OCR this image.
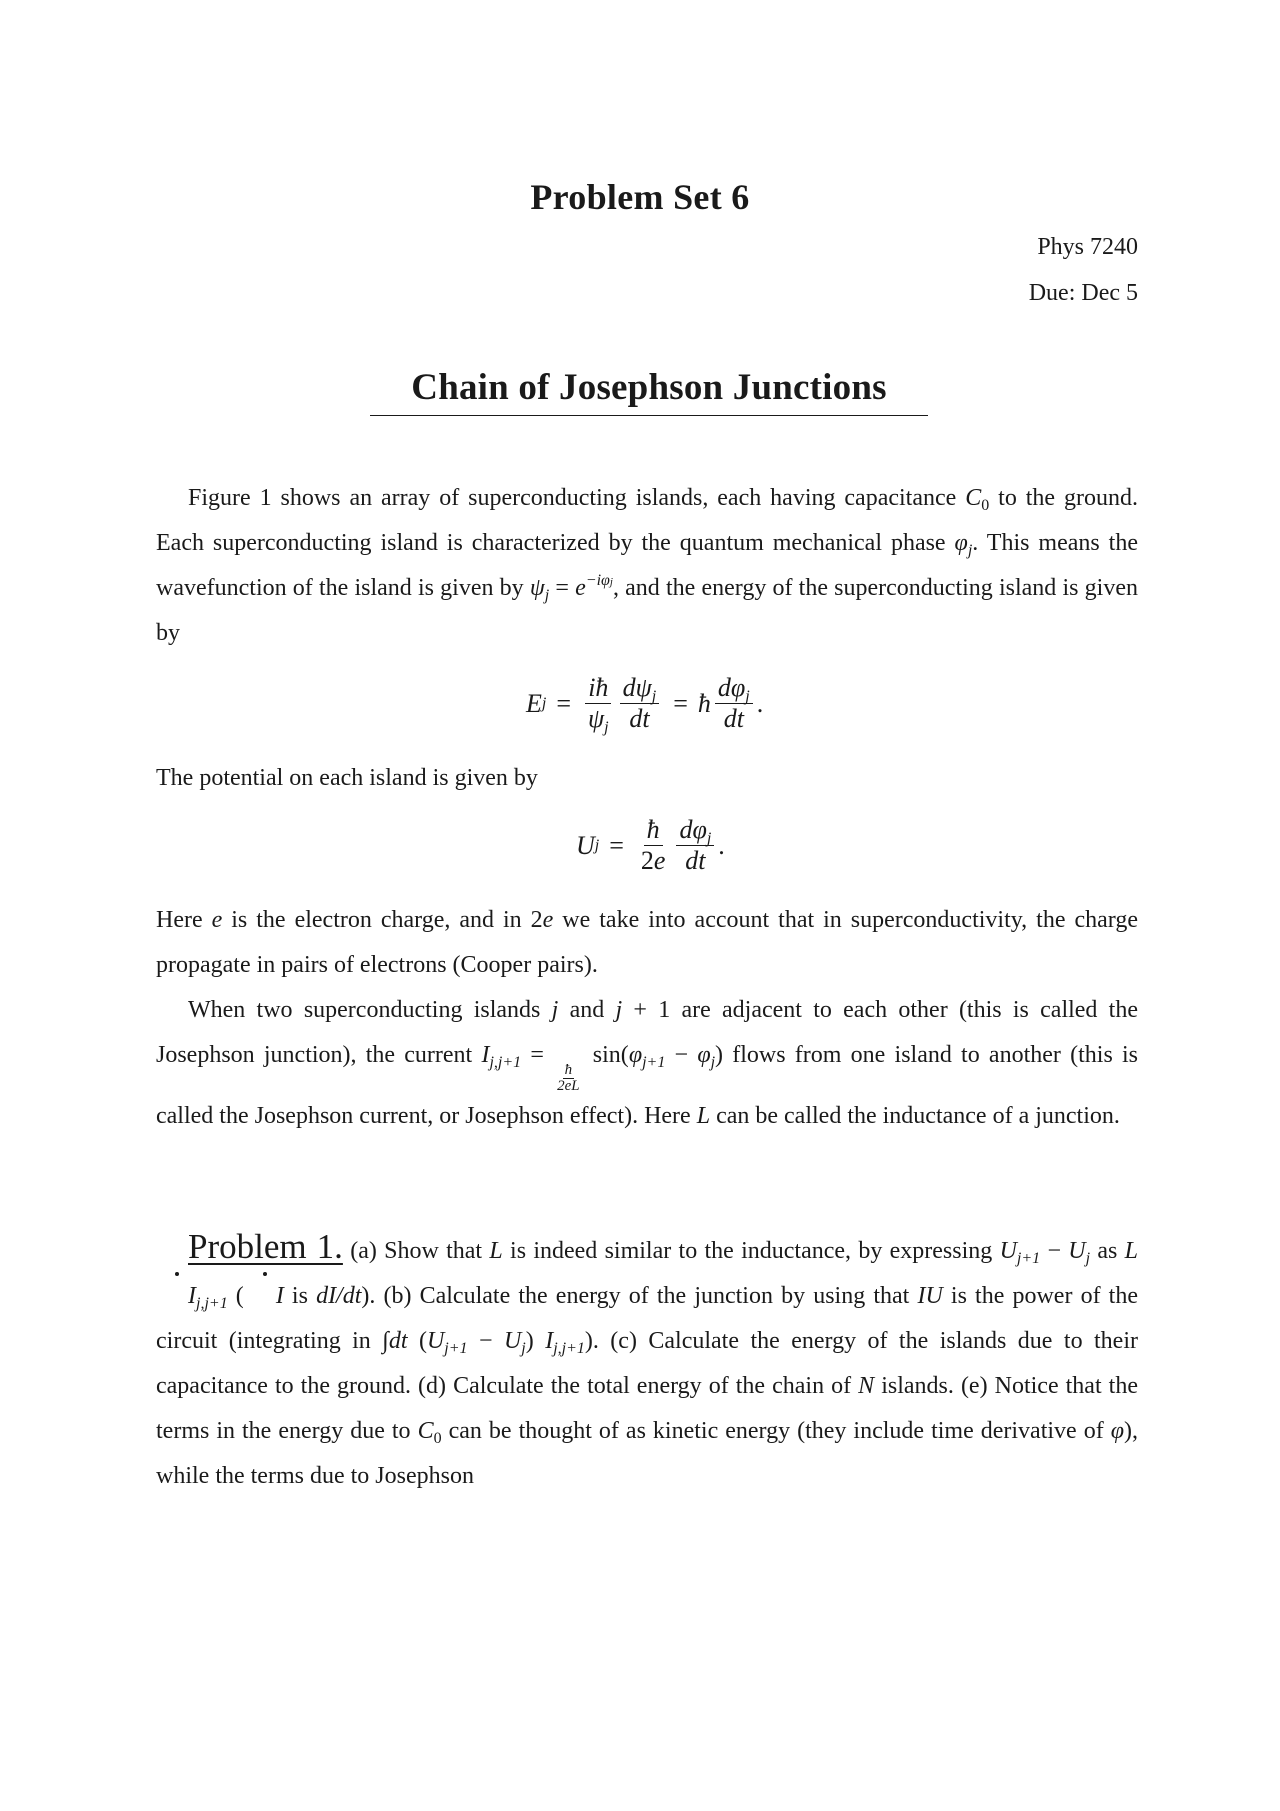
Problem Set 6
Phys 7240
Due: Dec 5
Chain of Josephson Junctions

Figure 1 shows an array of superconducting islands, each having capacitance $C_0$ to the ground. Each superconducting island is characterized by the quantum mechanical phase $\varphi_j$. This means the wavefunction of the island is given by $\psi_j = e^{-i\varphi j}$, and the energy of the superconducting island is given by

E $j = \frac{iħ}{\psi_j} \frac{d\psi_j}{dt}$ = ħ $\frac{d\varphi_j}{dt}$ .

The potential on each island is given by

U $j = \frac{ħ}{2e} \frac{d\varphi_j}{dt}$ .

Here e is the electron charge, and in 2e we take into account that in superconductivity, the charge propagate in pairs of electrons (Cooper pairs).

When two superconducting islands j and j + 1 are adjacent to each other (this is called the Josephson junction), the current $I_{j,j+1}$ =
$\frac{ħ}{2eL}$
$\sin(\varphi_{j+1} - \varphi_j)$ flows from one island to another (this is called the Josephson current, or Josephson effect). Here L can be called the inductance of a junction.

Problem 1. (a) Show that L is indeed similar to the inductance, by expressing $U_{j+1} - U_j$ as $LI_{j,j+1}$ ( I is dI/dt). (b) Calculate the energy of the junction by using that IU is the power of the circuit (integrating in ∫dt $(U_{j+1} - U_j)$ $I_{j,j+1}$). (c) Calculate the energy of the islands due to their capacitance to the ground. (d) Calculate the total energy of the chain of N islands. (e) Notice that the terms in the energy due to $C_0$ can be thought of as kinetic energy (they include time derivative of φ), while the terms due to Josephson
